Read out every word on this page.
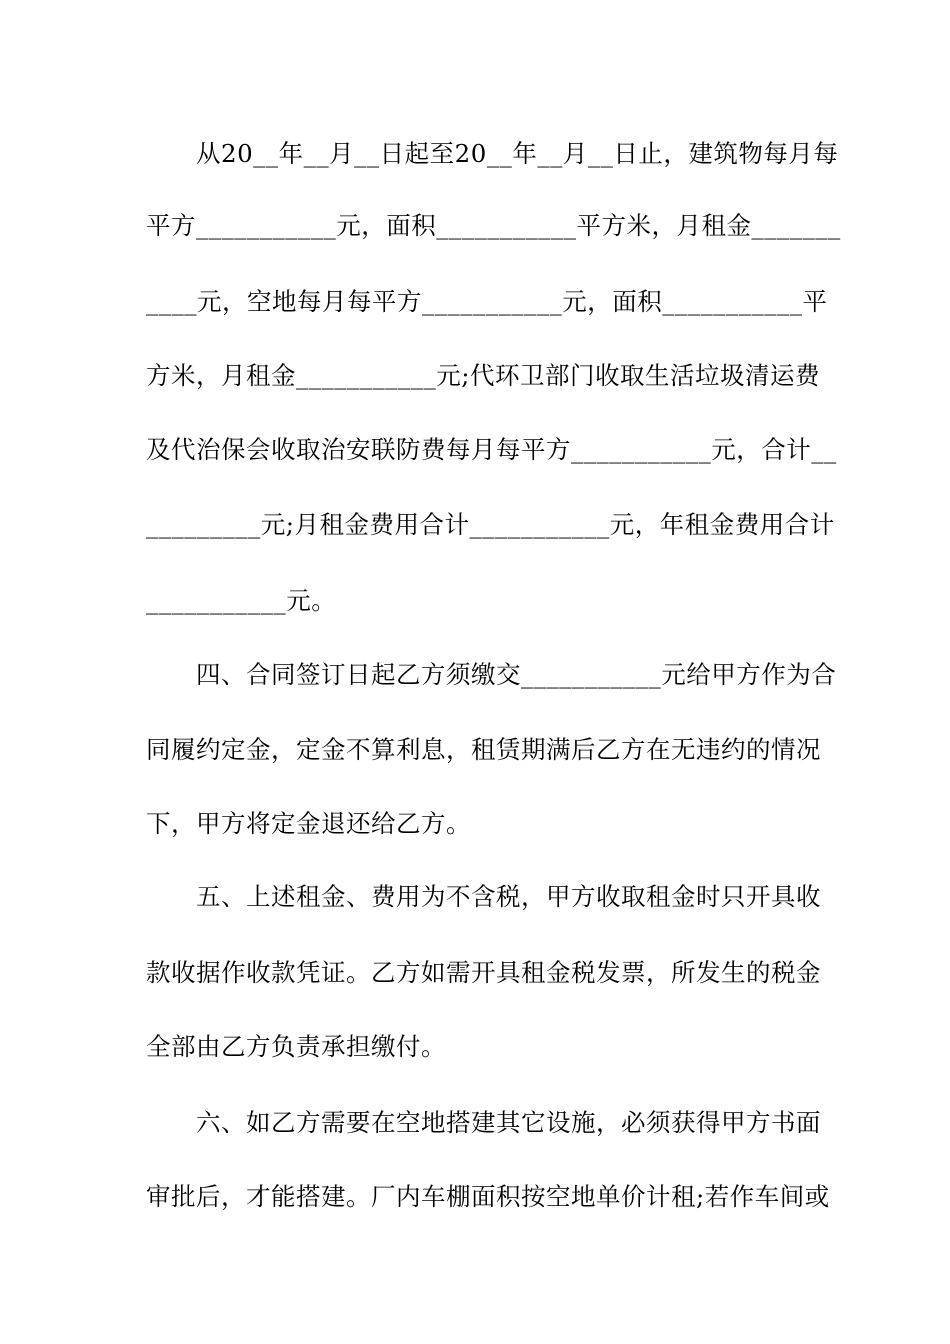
从20__年__月__日起至20__年__月__日止，建筑物每月每
平方___________元，面积___________平方米，月租金_______
____元，空地每月每平方___________元，面积___________平
方米，月租金___________元;代环卫部门收取生活垃圾清运费
及代治保会收取治安联防费每月每平方___________元，合计__
_________元;月租金费用合计___________元，年租金费用合计
___________元。
四、合同签订日起乙方须缴交___________元给甲方作为合
同履约定金，定金不算利息，租赁期满后乙方在无违约的情况
下，甲方将定金退还给乙方。
五、上述租金、费用为不含税，甲方收取租金时只开具收
款收据作收款凭证。乙方如需开具租金税发票，所发生的税金
全部由乙方负责承担缴付。
六、如乙方需要在空地搭建其它设施，必须获得甲方书面
审批后，才能搭建。厂内车棚面积按空地单价计租;若作车间或
